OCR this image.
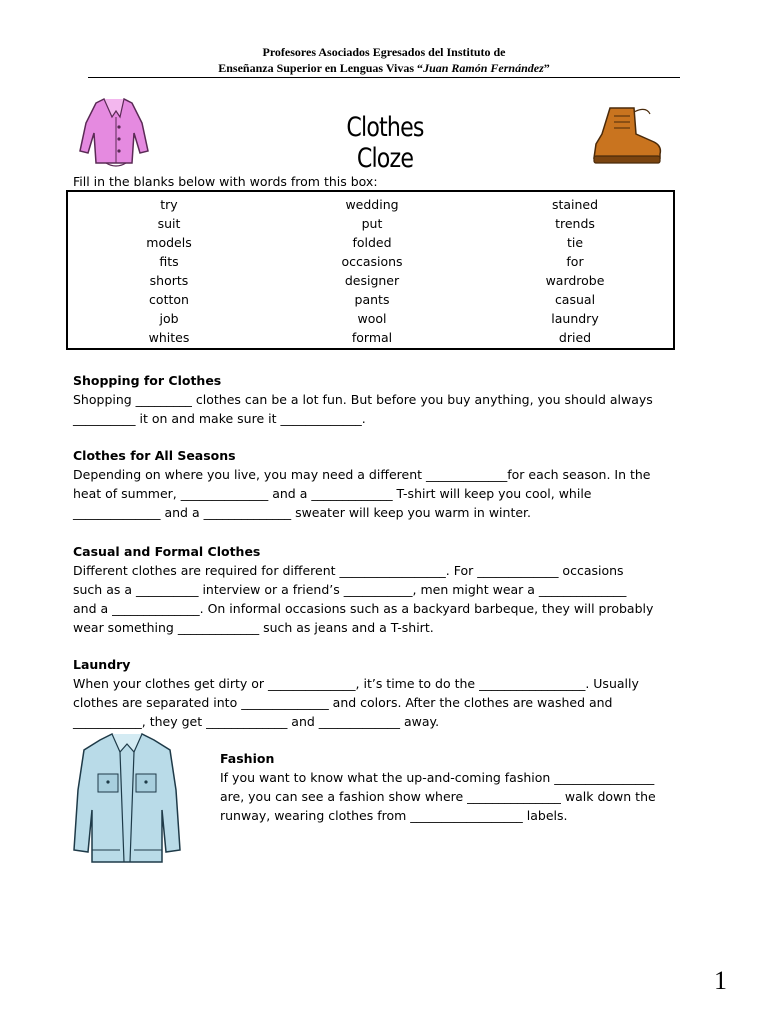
Profesores Asociados Egresados del Instituto de
Enseñanza Superior en Lenguas Vivas “Juan Ramón Fernández”
Clothes Cloze
Fill in the blanks below with words from this box:
try
suit
models
fits
shorts
cotton
job
whites
wedding
put
folded
occasions
designer
pants
wool
formal
stained
trends
tie
for
wardrobe
casual
laundry
dried
Shopping for Clothes

Shopping _________ clothes can be a lot fun. But before you buy anything, you should always

__________ it on and make sure it _____________.

Clothes for All Seasons

Depending on where you live, you may need a different _____________for each season. In the

heat of summer, ______________ and a _____________ T-shirt will keep you cool, while

______________ and a ______________ sweater will keep you warm in winter.

Casual and Formal Clothes

Different clothes are required for different _________________. For _____________ occasions

such as a __________ interview or a friend’s ___________, men might wear a ______________

and a ______________. On informal occasions such as a backyard barbeque, they will probably

wear something _____________ such as jeans and a T-shirt.

Laundry

When your clothes get dirty or ______________, it’s time to do the _________________. Usually

clothes are separated into ______________ and colors. After the clothes are washed and

___________, they get _____________ and _____________ away.

Fashion

If you want to know what the up-and-coming fashion ________________

are, you can see a fashion show where _______________ walk down the

runway, wearing clothes from __________________ labels.

1
